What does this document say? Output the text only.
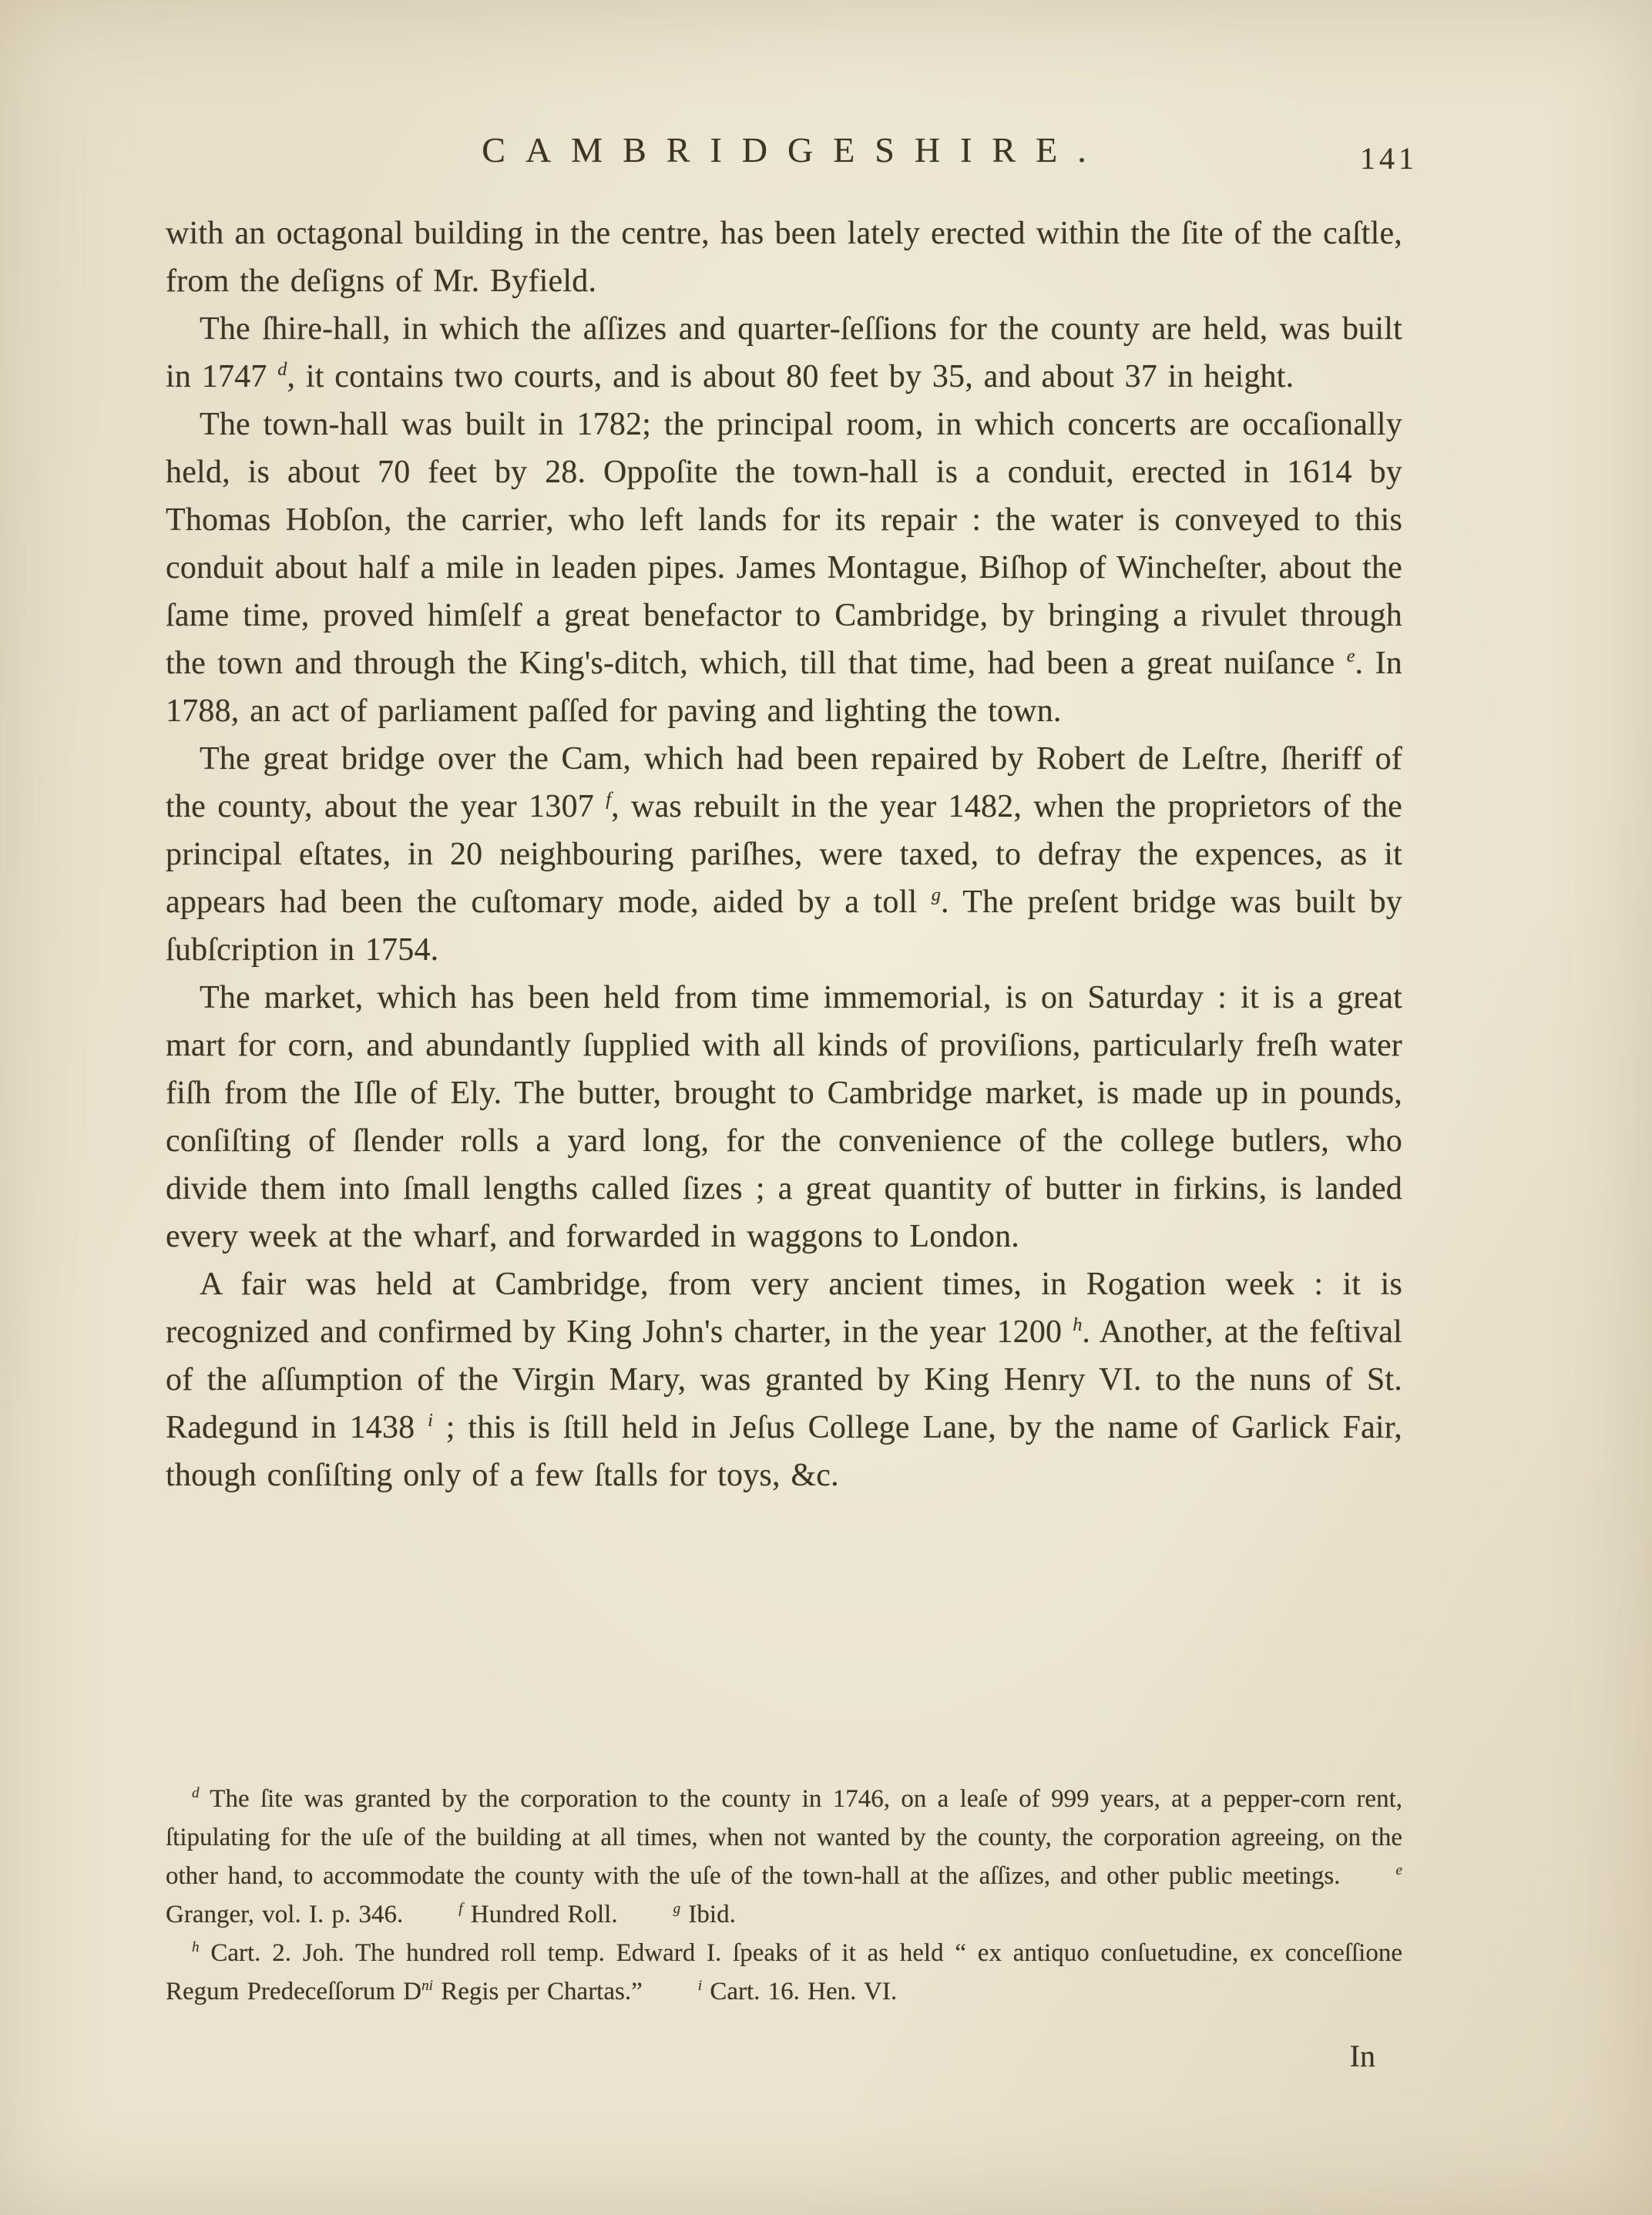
CAMBRIDGESHIRE.	141

with an octagonal building in the centre, has been lately erected within the ſite of the caſtle, from the deſigns of Mr. Byfield.

The ſhire-hall, in which the aſſizes and quarter-ſeſſions for the county are held, was built in 1747 $^d$, it contains two courts, and is about 80 feet by 35, and about 37 in height.

The town-hall was built in 1782; the principal room, in which concerts are occaſionally held, is about 70 feet by 28. Oppoſite the town-hall is a conduit, erected in 1614 by Thomas Hobſon, the carrier, who left lands for its repair : the water is conveyed to this conduit about half a mile in leaden pipes. James Montague, Biſhop of Wincheſter, about the ſame time, proved himſelf a great benefactor to Cambridge, by bringing a rivulet through the town and through the King's-ditch, which, till that time, had been a great nuiſance $^e$. In 1788, an act of parliament paſſed for paving and lighting the town.

The great bridge over the Cam, which had been repaired by Robert de Leſtre, ſheriff of the county, about the year 1307 $^f$, was rebuilt in the year 1482, when the proprietors of the principal eſtates, in 20 neighbouring pariſhes, were taxed, to defray the expences, as it appears had been the cuſtomary mode, aided by a toll $^g$. The preſent bridge was built by ſubſcription in 1754.

The market, which has been held from time immemorial, is on Saturday : it is a great mart for corn, and abundantly ſupplied with all kinds of proviſions, particularly freſh water fiſh from the Iſle of Ely. The butter, brought to Cambridge market, is made up in pounds, conſiſting of ſlender rolls a yard long, for the convenience of the college butlers, who divide them into ſmall lengths called ſizes ; a great quantity of butter in firkins, is landed every week at the wharf, and forwarded in waggons to London.

A fair was held at Cambridge, from very ancient times, in Rogation week : it is recognized and confirmed by King John's charter, in the year 1200 $^h$. Another, at the feſtival of the aſſumption of the Virgin Mary, was granted by King Henry VI. to the nuns of St. Radegund in 1438 $^i$ ; this is ſtill held in Jeſus College Lane, by the name of Garlick Fair, though conſiſting only of a few ſtalls for toys, &c.

$^d$ The ſite was granted by the corporation to the county in 1746, on a leaſe of 999 years, at a pepper-corn rent, ſtipulating for the uſe of the building at all times, when not wanted by the county, the corporation agreeing, on the other hand, to accommodate the county with the uſe of the town-hall at the aſſizes, and other public meetings.	$^e$ Granger, vol. I. p. 346.	$^f$ Hundred Roll.	$^g$ Ibid.

$^h$ Cart. 2. Joh. The hundred roll temp. Edward I. ſpeaks of it as held “ ex antiquo conſuetudine, ex conceſſione Regum Predeceſſorum $D^{ni}$ Regis per Chartas.”	$^i$ Cart. 16. Hen. VI.

In
